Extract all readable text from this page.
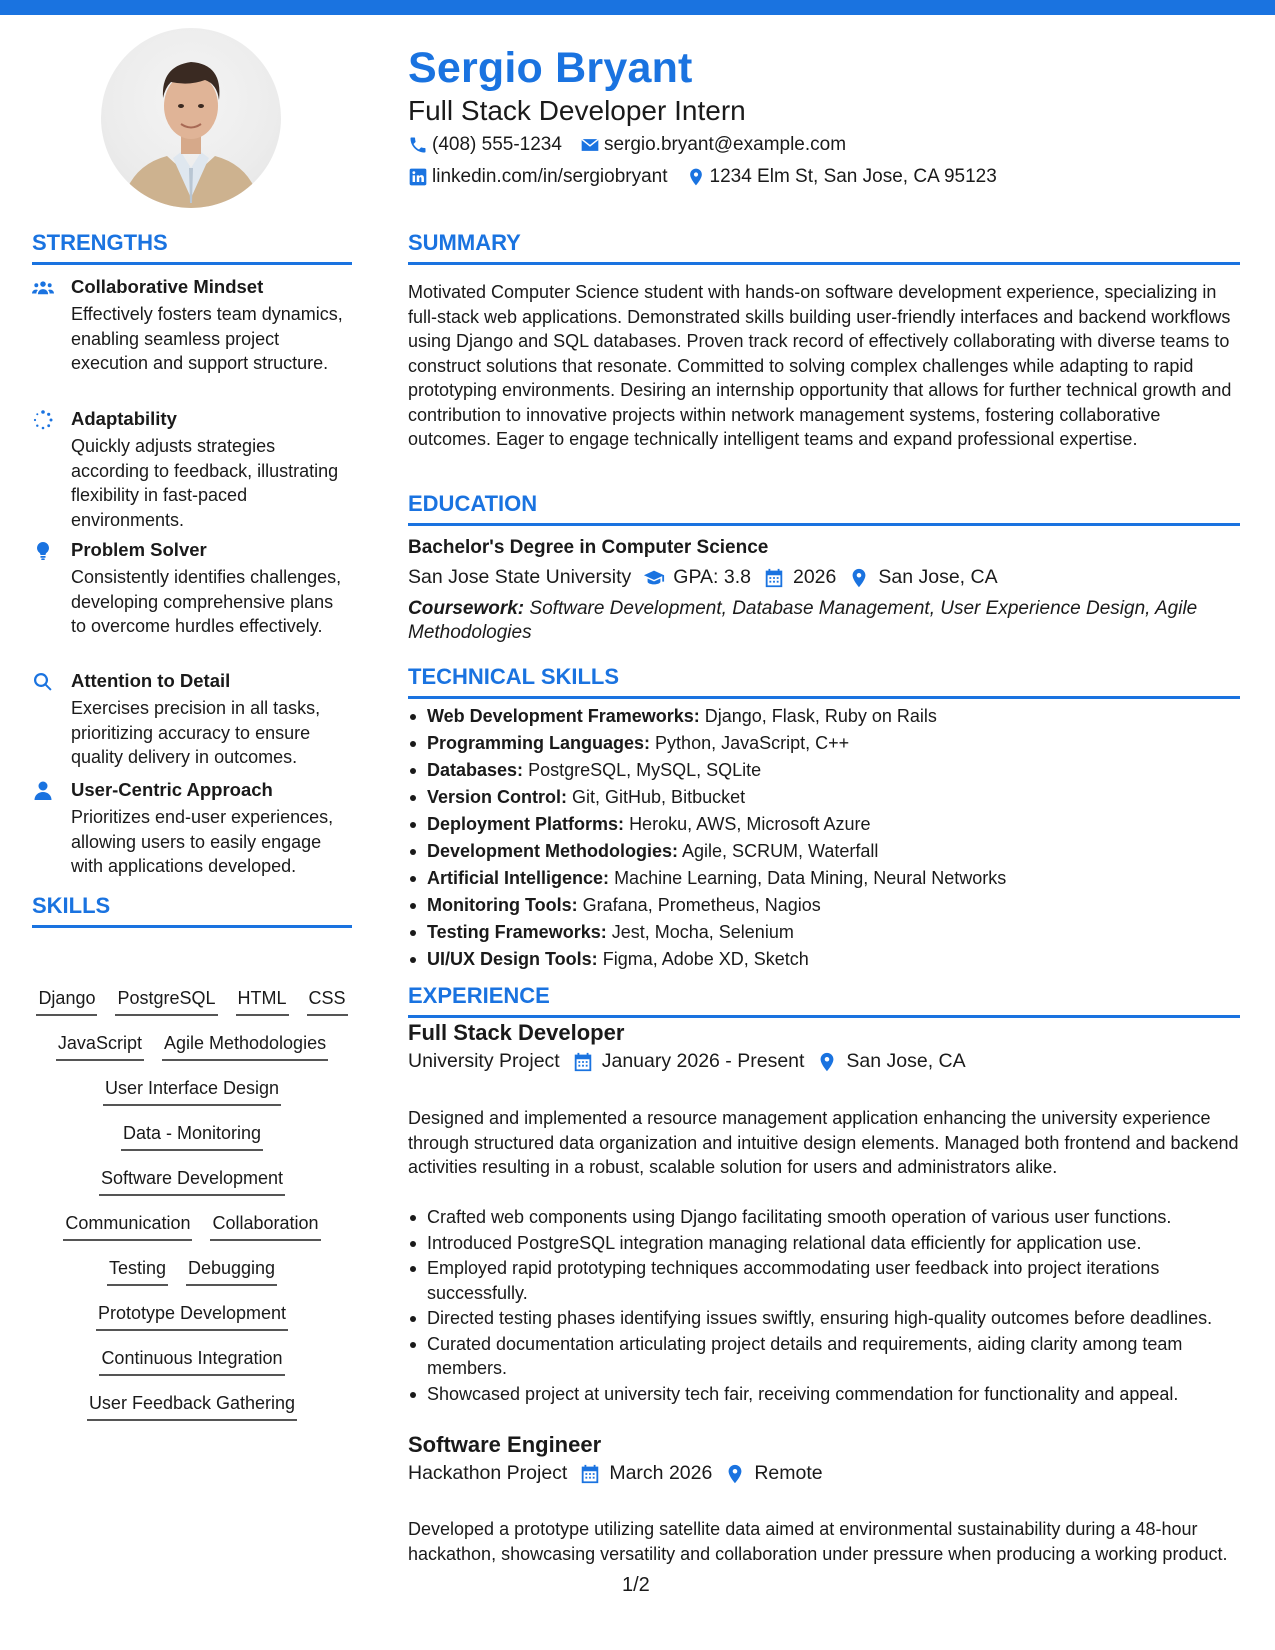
Sergio Bryant
Full Stack Developer Intern
(408) 555-1234 sergio.bryant@example.com
linkedin.com/in/sergiobryant 1234 Elm St, San Jose, CA 95123
STRENGTHS
Collaborative Mindset
Effectively fosters team dynamics, enabling seamless project execution and support structure.
Adaptability
Quickly adjusts strategies according to feedback, illustrating flexibility in fast-paced environments.
Problem Solver
Consistently identifies challenges, developing comprehensive plans to overcome hurdles effectively.
Attention to Detail
Exercises precision in all tasks, prioritizing accuracy to ensure quality delivery in outcomes.
User-Centric Approach
Prioritizes end-user experiences, allowing users to easily engage with applications developed.
SKILLS
Django PostgreSQL HTML CSS
JavaScript Agile Methodologies
User Interface Design
Data - Monitoring
Software Development
Communication Collaboration
Testing Debugging
Prototype Development
Continuous Integration
User Feedback Gathering
SUMMARY
Motivated Computer Science student with hands-on software development experience, specializing in full-stack web applications. Demonstrated skills building user-friendly interfaces and backend workflows using Django and SQL databases. Proven track record of effectively collaborating with diverse teams to construct solutions that resonate. Committed to solving complex challenges while adapting to rapid prototyping environments. Desiring an internship opportunity that allows for further technical growth and contribution to innovative projects within network management systems, fostering collaborative outcomes. Eager to engage technically intelligent teams and expand professional expertise.
EDUCATION
Bachelor's Degree in Computer Science
San Jose State University GPA: 3.8 2026 San Jose, CA
Coursework: Software Development, Database Management, User Experience Design, Agile Methodologies
TECHNICAL SKILLS
Web Development Frameworks: Django, Flask, Ruby on Rails
Programming Languages: Python, JavaScript, C++
Databases: PostgreSQL, MySQL, SQLite
Version Control: Git, GitHub, Bitbucket
Deployment Platforms: Heroku, AWS, Microsoft Azure
Development Methodologies: Agile, SCRUM, Waterfall
Artificial Intelligence: Machine Learning, Data Mining, Neural Networks
Monitoring Tools: Grafana, Prometheus, Nagios
Testing Frameworks: Jest, Mocha, Selenium
UI/UX Design Tools: Figma, Adobe XD, Sketch
EXPERIENCE
Full Stack Developer
University Project January 2026 - Present San Jose, CA
Designed and implemented a resource management application enhancing the university experience through structured data organization and intuitive design elements. Managed both frontend and backend activities resulting in a robust, scalable solution for users and administrators alike.
Crafted web components using Django facilitating smooth operation of various user functions.
Introduced PostgreSQL integration managing relational data efficiently for application use.
Employed rapid prototyping techniques accommodating user feedback into project iterations successfully.
Directed testing phases identifying issues swiftly, ensuring high-quality outcomes before deadlines.
Curated documentation articulating project details and requirements, aiding clarity among team members.
Showcased project at university tech fair, receiving commendation for functionality and appeal.
Software Engineer
Hackathon Project March 2026 Remote
Developed a prototype utilizing satellite data aimed at environmental sustainability during a 48-hour hackathon, showcasing versatility and collaboration under pressure when producing a working product.
1/2
